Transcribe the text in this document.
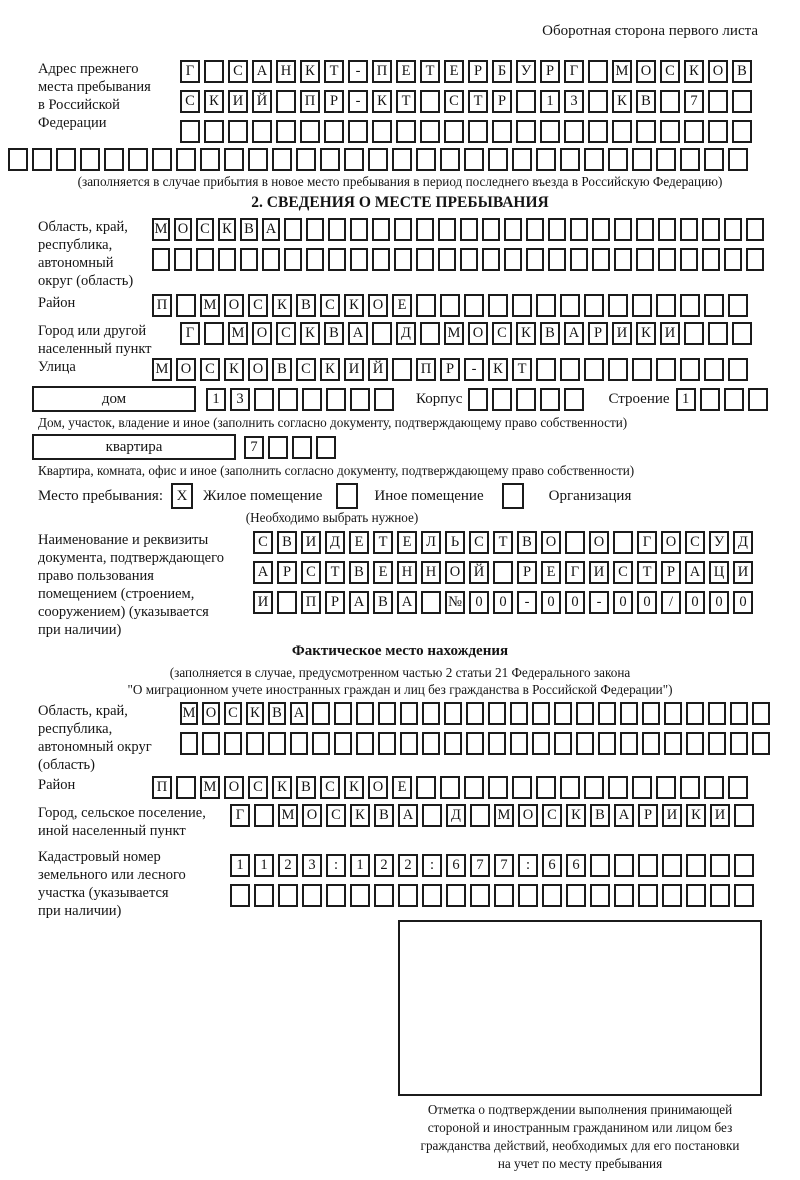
Оборотная сторона первого листа
Адрес прежнего
места пребывания
в Российской
Федерации
Г	С А Н К	Т	-	П Е	Т	Е	Р	Б	У	Р	Г	М О С К О В
С К И Й	П	Р	-	К	Т	С	Т	Р	1	3	К В	7
(заполняется в случае прибытия в новое место пребывания в период последнего въезда в Российскую Федерацию)
2. СВЕДЕНИЯ О МЕСТЕ ПРЕБЫВАНИЯ
Область, край,
республика,
автономный
округ (область)
М О С К В А
Район	П	М О С К В С К О Е
Город или другой
населенный пункт
Г	М О С К В А	Д	М О С К В А	Р	И К И
Улица	М О С К О В С К И Й	П	Р	-	К	Т
дом	1	3	Корпус	Строение 1
Дом, участок, владение и иное (заполнить согласно документу, подтверждающему право собственности)
квартира	7
Квартира, комната, офис и иное (заполнить согласно документу, подтверждающему право собственности)
Место пребывания: X	Жилое помещение	Иное помещение	Организация
(Необходимо выбрать нужное)
Наименование и реквизиты
документа, подтверждающего
право пользования
помещением (строением,
сооружением) (указывается
при наличии)
С В И Д	Е	Т	Е	Л	Ь	С	Т	В О	О	Г	О С У Д
А	Р	С	Т	В	Е Н Н О Й	Р	Е	Г	И С	Т	Р	А Ц И
И	П	Р	А В А	№ 0	0	-	0	0	-	0	0	/	0	0	0
Фактическое место нахождения
(заполняется в случае, предусмотренном частью 2 статьи 21 Федерального закона
"О миграционном учете иностранных граждан и лиц без гражданства в Российской Федерации")
Область, край,
республика,
автономный округ
(область)
М О С К В А
Район	П	М О С К В С К О Е
Город, сельское поселение,
иной населенный пункт
Г	М О С К В А	Д	М О С К В А	Р	И К И
Кадастровый номер
земельного или лесного
участка (указывается
при наличии)
1	1	2	3	:	1	2	2	:	6	7	7	:	6	6
Отметка о подтверждении выполнения принимающей
стороной и иностранным гражданином или лицом без
гражданства действий, необходимых для его постановки
на учет по месту пребывания
